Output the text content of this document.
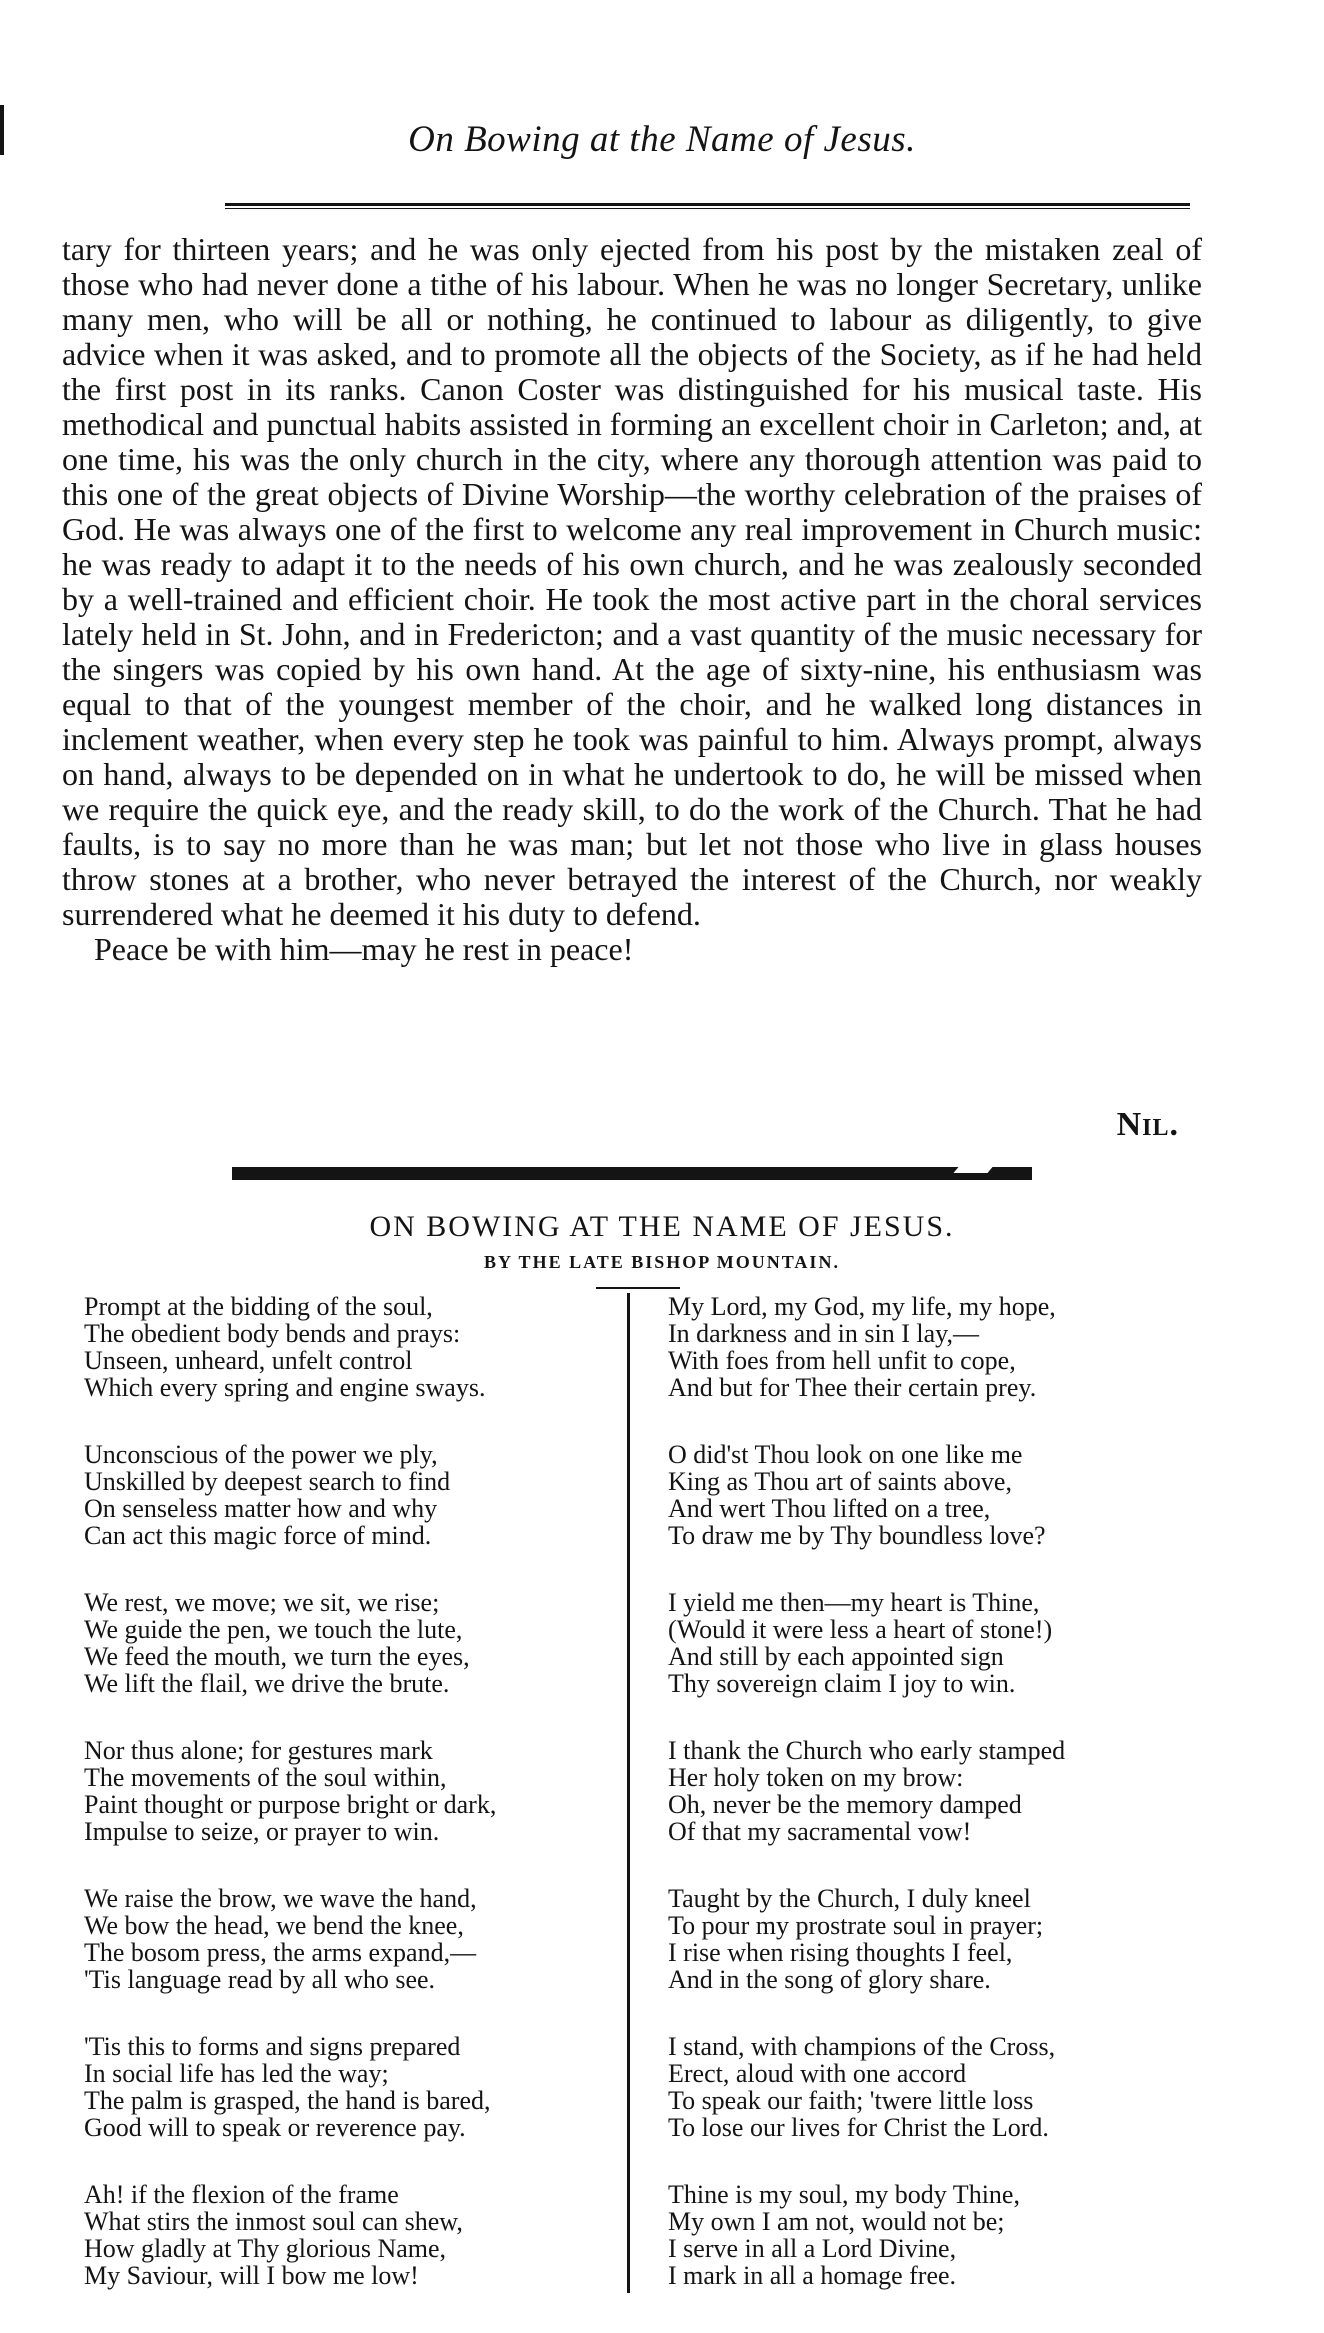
On Bowing at the Name of Jesus.

tary for thirteen years; and he was only ejected from his post by the mistaken zeal of those who had never done a tithe of his labour. When he was no longer Secretary, unlike many men, who will be all or nothing, he continued to labour as diligently, to give advice when it was asked, and to promote all the objects of the Society, as if he had held the first post in its ranks. Canon Coster was distinguished for his musical taste. His methodical and punctual habits assisted in forming an excellent choir in Carleton; and, at one time, his was the only church in the city, where any thorough attention was paid to this one of the great objects of Divine Worship—the worthy celebration of the praises of God. He was always one of the first to welcome any real improvement in Church music: he was ready to adapt it to the needs of his own church, and he was zealously seconded by a well-trained and efficient choir. He took the most active part in the choral services lately held in St. John, and in Fredericton; and a vast quantity of the music necessary for the singers was copied by his own hand. At the age of sixty-nine, his enthusiasm was equal to that of the youngest member of the choir, and he walked long distances in inclement weather, when every step he took was painful to him. Always prompt, always on hand, always to be depended on in what he undertook to do, he will be missed when we require the quick eye, and the ready skill, to do the work of the Church. That he had faults, is to say no more than he was man; but let not those who live in glass houses throw stones at a brother, who never betrayed the interest of the Church, nor weakly surrendered what he deemed it his duty to defend.

Peace be with him—may he rest in peace!

Nil.
ON BOWING AT THE NAME OF JESUS.
BY THE LATE BISHOP MOUNTAIN.
Prompt at the bidding of the soul,
The obedient body bends and prays:
Unseen, unheard, unfelt control
Which every spring and engine sways.
Unconscious of the power we ply,
Unskilled by deepest search to find
On senseless matter how and why
Can act this magic force of mind.
We rest, we move; we sit, we rise;
We guide the pen, we touch the lute,
We feed the mouth, we turn the eyes,
We lift the flail, we drive the brute.
Nor thus alone; for gestures mark
The movements of the soul within,
Paint thought or purpose bright or dark,
Impulse to seize, or prayer to win.
We raise the brow, we wave the hand,
We bow the head, we bend the knee,
The bosom press, the arms expand,—
'Tis language read by all who see.
'Tis this to forms and signs prepared
In social life has led the way;
The palm is grasped, the hand is bared,
Good will to speak or reverence pay.
Ah! if the flexion of the frame
What stirs the inmost soul can shew,
How gladly at Thy glorious Name,
My Saviour, will I bow me low!
My Lord, my God, my life, my hope,
In darkness and in sin I lay,—
With foes from hell unfit to cope,
And but for Thee their certain prey.
O did'st Thou look on one like me
King as Thou art of saints above,
And wert Thou lifted on a tree,
To draw me by Thy boundless love?
I yield me then—my heart is Thine,
(Would it were less a heart of stone!)
And still by each appointed sign
Thy sovereign claim I joy to win.
I thank the Church who early stamped
Her holy token on my brow:
Oh, never be the memory damped
Of that my sacramental vow!
Taught by the Church, I duly kneel
To pour my prostrate soul in prayer;
I rise when rising thoughts I feel,
And in the song of glory share.
I stand, with champions of the Cross,
Erect, aloud with one accord
To speak our faith; 'twere little loss
To lose our lives for Christ the Lord.
Thine is my soul, my body Thine,
My own I am not, would not be;
I serve in all a Lord Divine,
I mark in all a homage free.
